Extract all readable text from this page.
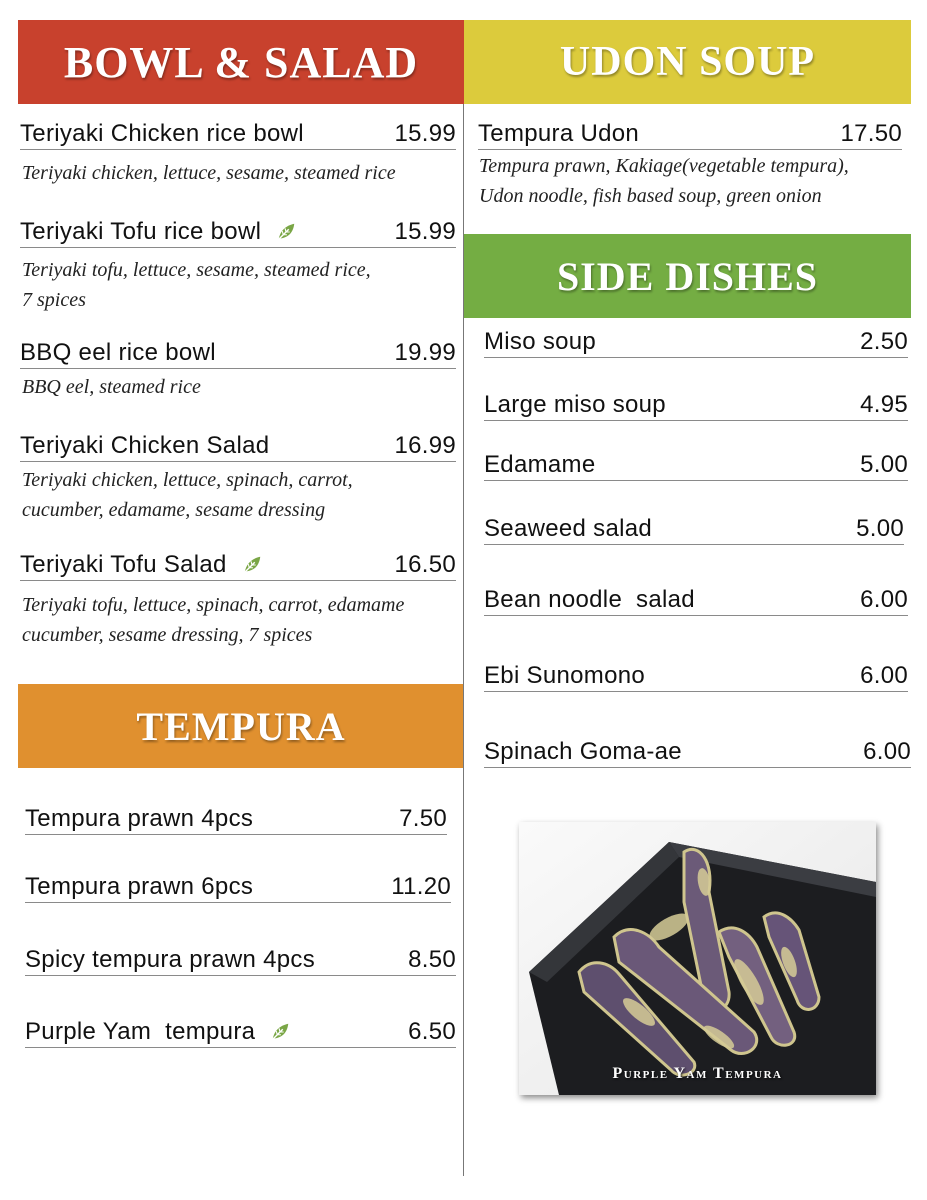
BOWL & SALAD	UDON SOUP
SIDE DISHES
TEMPURA
Teriyaki Chicken rice bowl	15.99
Teriyaki chicken, lettuce, sesame, steamed rice
Teriyaki Tofu rice bowl	15.99
Teriyaki tofu, lettuce, sesame, steamed rice,
7 spices
BBQ eel rice bowl	19.99
BBQ eel, steamed rice
Teriyaki Chicken Salad	16.99
Teriyaki chicken, lettuce, spinach, carrot,
cucumber, edamame, sesame dressing
Teriyaki Tofu Salad	16.50
Teriyaki tofu, lettuce, spinach, carrot, edamame
cucumber, sesame dressing, 7 spices
Tempura Udon	17.50
Tempura prawn, Kakiage(vegetable tempura),
Udon noodle, fish based soup, green onion
Miso soup	2.50
Large miso soup	4.95
Edamame	5.00
Seaweed salad	5.00
Bean noodle  salad	6.00
Ebi Sunomono	6.00
Spinach Goma-ae	6.00
Tempura prawn 4pcs	7.50
Tempura prawn 6pcs	11.20
Spicy tempura prawn 4pcs	8.50
Purple Yam  tempura	6.50
Purple Yam Tempura
